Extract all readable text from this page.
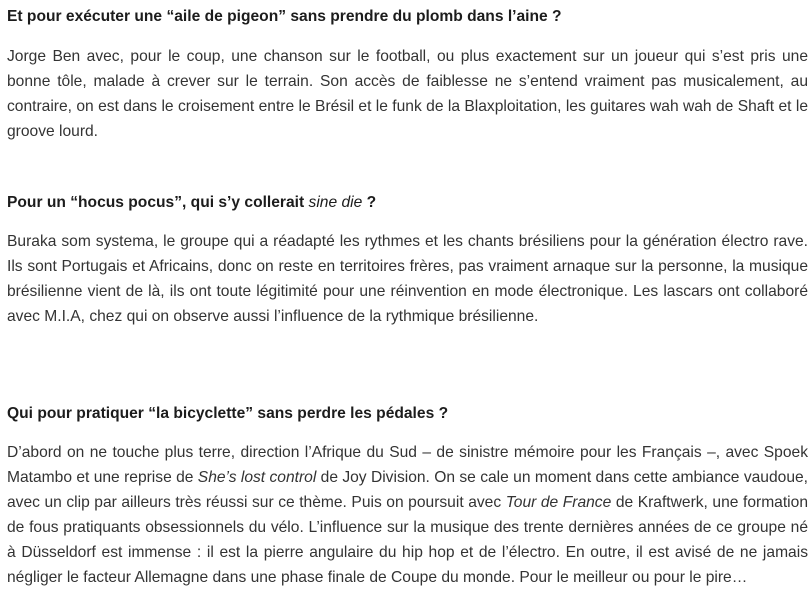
Et pour exécuter une “aile de pigeon” sans prendre du plomb dans l’aine ?

Jorge Ben avec, pour le coup, une chanson sur le football, ou plus exactement sur un joueur qui s’est pris une bonne tôle, malade à crever sur le terrain. Son accès de faiblesse ne s’entend vraiment pas musicalement, au contraire, on est dans le croisement entre le Brésil et le funk de la Blaxploitation, les guitares wah wah de Shaft et le groove lourd.

Pour un “hocus pocus”, qui s’y collerait sine die ?

Buraka som systema, le groupe qui a réadapté les rythmes et les chants brésiliens pour la génération électro rave. Ils sont Portugais et Africains, donc on reste en territoires frères, pas vraiment arnaque sur la personne, la musique brésilienne vient de là, ils ont toute légitimité pour une réinvention en mode électronique. Les lascars ont collaboré avec M.I.A, chez qui on observe aussi l’influence de la rythmique brésilienne.

Qui pour pratiquer “la bicyclette” sans perdre les pédales ?

D’abord on ne touche plus terre, direction l’Afrique du Sud – de sinistre mémoire pour les Français –, avec Spoek Matambo et une reprise de She’s lost control de Joy Division. On se cale un moment dans cette ambiance vaudoue, avec un clip par ailleurs très réussi sur ce thème. Puis on poursuit avec Tour de France de Kraftwerk, une formation de fous pratiquants obsessionnels du vélo. L’influence sur la musique des trente dernières années de ce groupe né à Düsseldorf est immense : il est la pierre angulaire du hip hop et de l’électro. En outre, il est avisé de ne jamais négliger le facteur Allemagne dans une phase finale de Coupe du monde. Pour le meilleur ou pour le pire…
